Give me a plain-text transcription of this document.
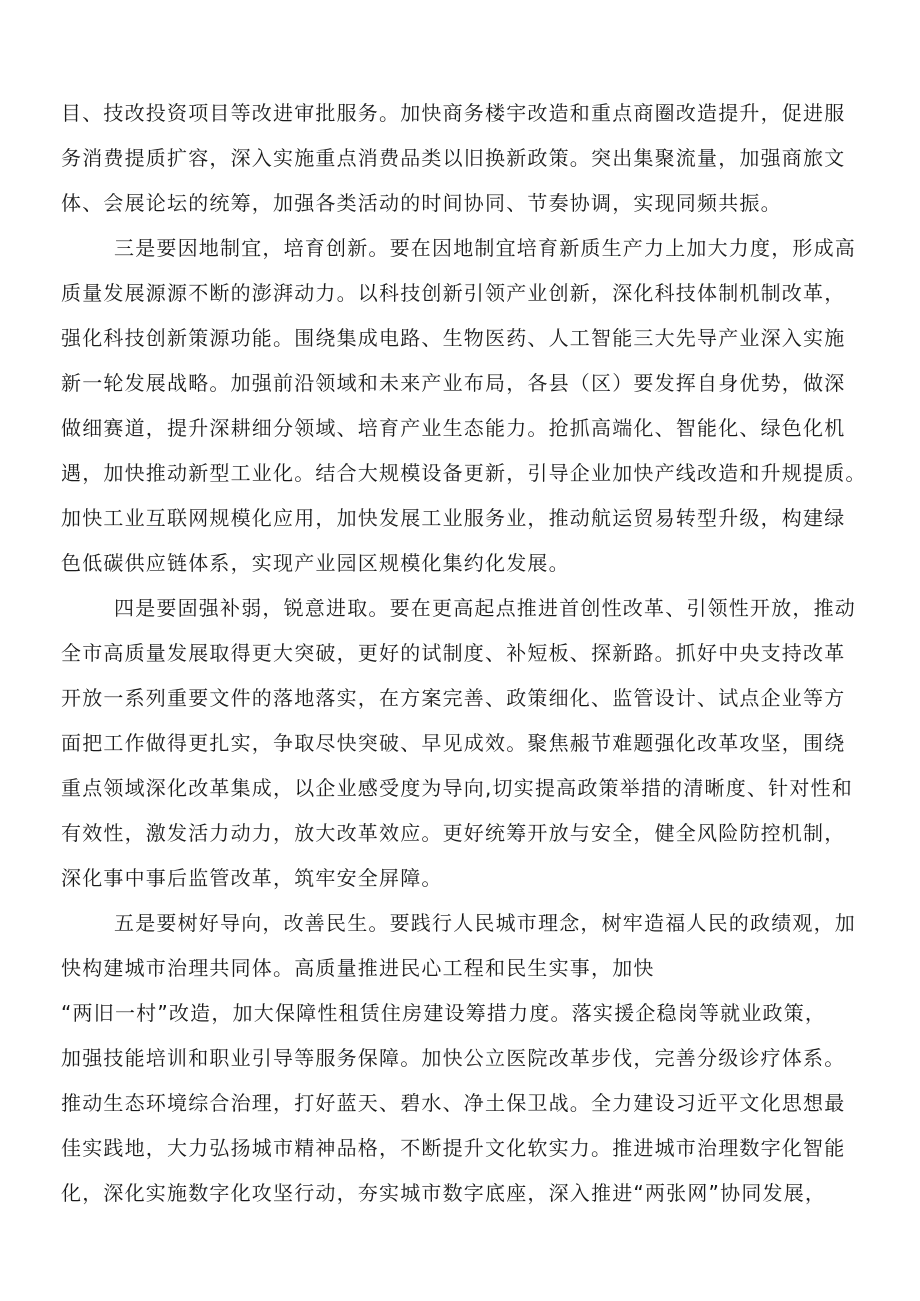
目、技改投资项目等改进审批服务。加快商务楼宇改造和重点商圈改造提升，促进服
务消费提质扩容，深入实施重点消费品类以旧换新政策。突出集聚流量，加强商旅文
体、会展论坛的统筹，加强各类活动的时间协同、节奏协调，实现同频共振。
三是要因地制宜，培育创新。要在因地制宜培育新质生产力上加大力度，形成高
质量发展源源不断的澎湃动力。以科技创新引领产业创新，深化科技体制机制改革，
强化科技创新策源功能。围绕集成电路、生物医药、人工智能三大先导产业深入实施
新一轮发展战略。加强前沿领域和未来产业布局，各县（区）要发挥自身优势，做深
做细赛道，提升深耕细分领域、培育产业生态能力。抢抓高端化、智能化、绿色化机
遇，加快推动新型工业化。结合大规模设备更新，引导企业加快产线改造和升规提质。
加快工业互联网规模化应用，加快发展工业服务业，推动航运贸易转型升级，构建绿
色低碳供应链体系，实现产业园区规模化集约化发展。
四是要固强补弱，锐意进取。要在更高起点推进首创性改革、引领性开放，推动
全市高质量发展取得更大突破，更好的试制度、补短板、探新路。抓好中央支持改革
开放一系列重要文件的落地落实，在方案完善、政策细化、监管设计、试点企业等方
面把工作做得更扎实，争取尽快突破、早见成效。聚焦赧节难题强化改革攻坚，围绕
重点领域深化改革集成，以企业感受度为导向,切实提高政策举措的清晰度、针对性和
有效性，激发活力动力，放大改革效应。更好统筹开放与安全，健全风险防控机制，
深化事中事后监管改革，筑牢安全屏障。
五是要树好导向，改善民生。要践行人民城市理念，树牢造福人民的政绩观，加
快构建城市治理共同体。高质量推进民心工程和民生实事，加快
“两旧一村”改造，加大保障性租赁住房建设筹措力度。落实援企稳岗等就业政策，
加强技能培训和职业引导等服务保障。加快公立医院改革步伐，完善分级诊疗体系。
推动生态环境综合治理，打好蓝天、碧水、净土保卫战。全力建设习近平文化思想最
佳实践地，大力弘扬城市精神品格，不断提升文化软实力。推进城市治理数字化智能
化，深化实施数字化攻坚行动，夯实城市数字底座，深入推进“两张网”协同发展，
